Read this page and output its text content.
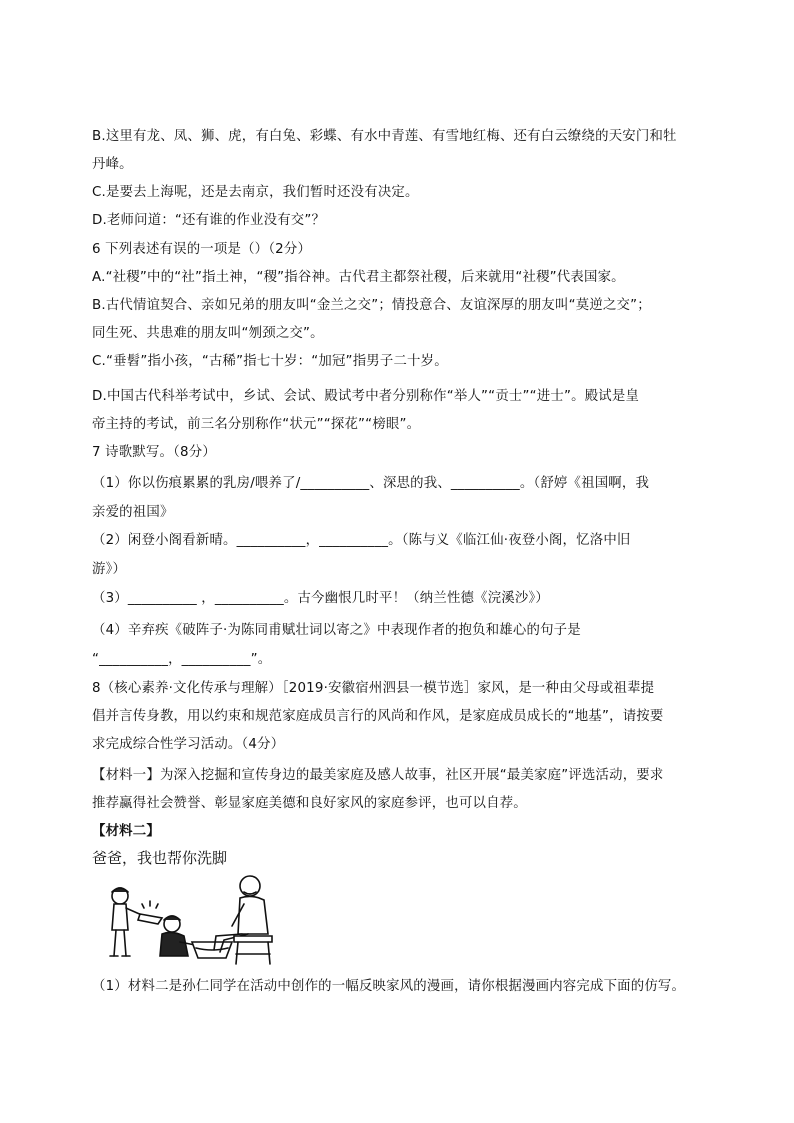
B.这里有龙、凤、狮、虎，有白兔、彩蝶、有水中青莲、有雪地红梅、还有白云缭绕的天安门和牡
丹峰。
C.是要去上海呢，还是去南京，我们暂时还没有决定。
D.老师问道：“还有谁的作业没有交”？
6 下列表述有误的一项是（）（2分）
A.“社稷”中的“社”指土神，“稷”指谷神。古代君主都祭社稷，后来就用“社稷”代表国家。
B.古代情谊契合、亲如兄弟的朋友叫“金兰之交”；情投意合、友谊深厚的朋友叫“莫逆之交”；
同生死、共患难的朋友叫“刎颈之交”。
C.“垂髫”指小孩，“古稀”指七十岁：“加冠”指男子二十岁。
D.中国古代科举考试中，乡试、会试、殿试考中者分别称作“举人”“贡士”“进士”。殿试是皇
帝主持的考试，前三名分别称作“状元”“探花”“榜眼”。
7 诗歌默写。（8分）
（1）你以伤痕累累的乳房/喂养了/__________、深思的我、__________。（舒婷《祖国啊，我
亲爱的祖国》
（2）闲登小阁看新晴。__________，__________。（陈与义《临江仙·夜登小阁，忆洛中旧
游》）
（3）__________ ，__________。古今幽恨几时平！（纳兰性德《浣溪沙》）
（4）辛弃疾《破阵子·为陈同甫赋壮词以寄之》中表现作者的抱负和雄心的句子是
“__________，__________”。
8（核心素养·文化传承与理解）［2019·安徽宿州泗县一模节选］家风，是一种由父母或祖辈提
倡并言传身教，用以约束和规范家庭成员言行的风尚和作风，是家庭成员成长的“地基”，请按要
求完成综合性学习活动。（4分）
【材料一】为深入挖掘和宣传身边的最美家庭及感人故事，社区开展“最美家庭”评选活动，要求
推荐赢得社会赞誉、彰显家庭美德和良好家风的家庭参评，也可以自荐。
【材料二】
爸爸，我也帮你洗脚
（1）材料二是孙仁同学在活动中创作的一幅反映家风的漫画，请你根据漫画内容完成下面的仿写。
